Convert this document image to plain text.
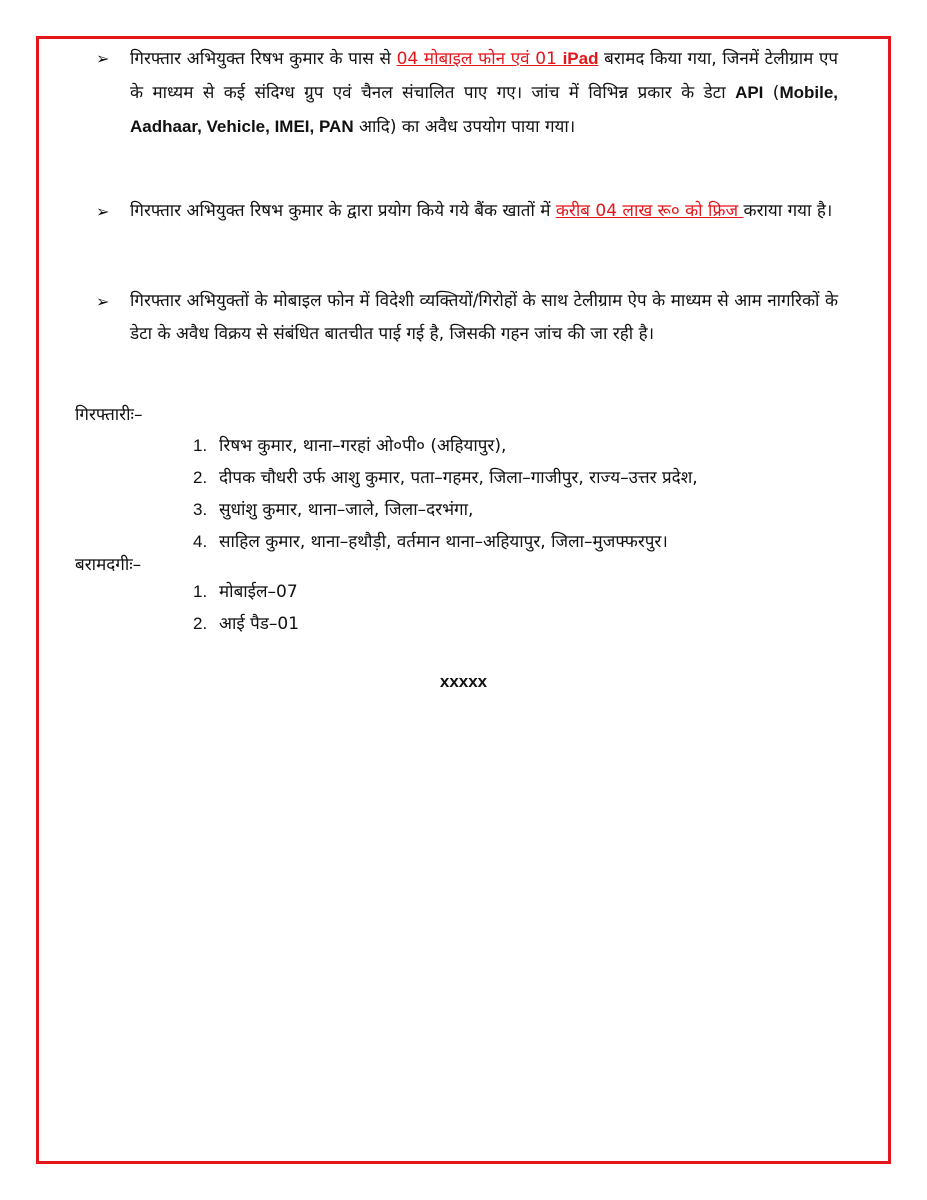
➢ गिरफ्तार अभियुक्त रिषभ कुमार के पास से 04 मोबाइल फोन एवं 01 iPad बरामद किया गया, जिनमें टेलीग्राम एप के माध्यम से कई संदिग्ध ग्रुप एवं चैनल संचालित पाए गए। जांच में विभिन्न प्रकार के डेटा API (Mobile, Aadhaar, Vehicle, IMEI, PAN आदि) का अवैध उपयोग पाया गया।
➢ गिरफ्तार अभियुक्त रिषभ कुमार के द्वारा प्रयोग किये गये बैंक खातों में करीब 04 लाख रू० को फ्रिज कराया गया है।
➢ गिरफ्तार अभियुक्तों के मोबाइल फोन में विदेशी व्यक्तियों/गिरोहों के साथ टेलीग्राम ऐप के माध्यम से आम नागरिकों के डेटा के अवैध विक्रय से संबंधित बातचीत पाई गई है, जिसकी गहन जांच की जा रही है।
गिरफ्तारीः–
1. रिषभ कुमार, थाना–गरहां ओ०पी० (अहियापुर),
2. दीपक चौधरी उर्फ आशु कुमार, पता–गहमर, जिला–गाजीपुर, राज्य–उत्तर प्रदेश,
3. सुधांशु कुमार, थाना–जाले, जिला–दरभंगा,
4. साहिल कुमार, थाना–हथौड़ी, वर्तमान थाना–अहियापुर, जिला–मुजफ्फरपुर।
बरामदगीः–
1. मोबाईल–07
2. आई पैड–01
xxxxx
